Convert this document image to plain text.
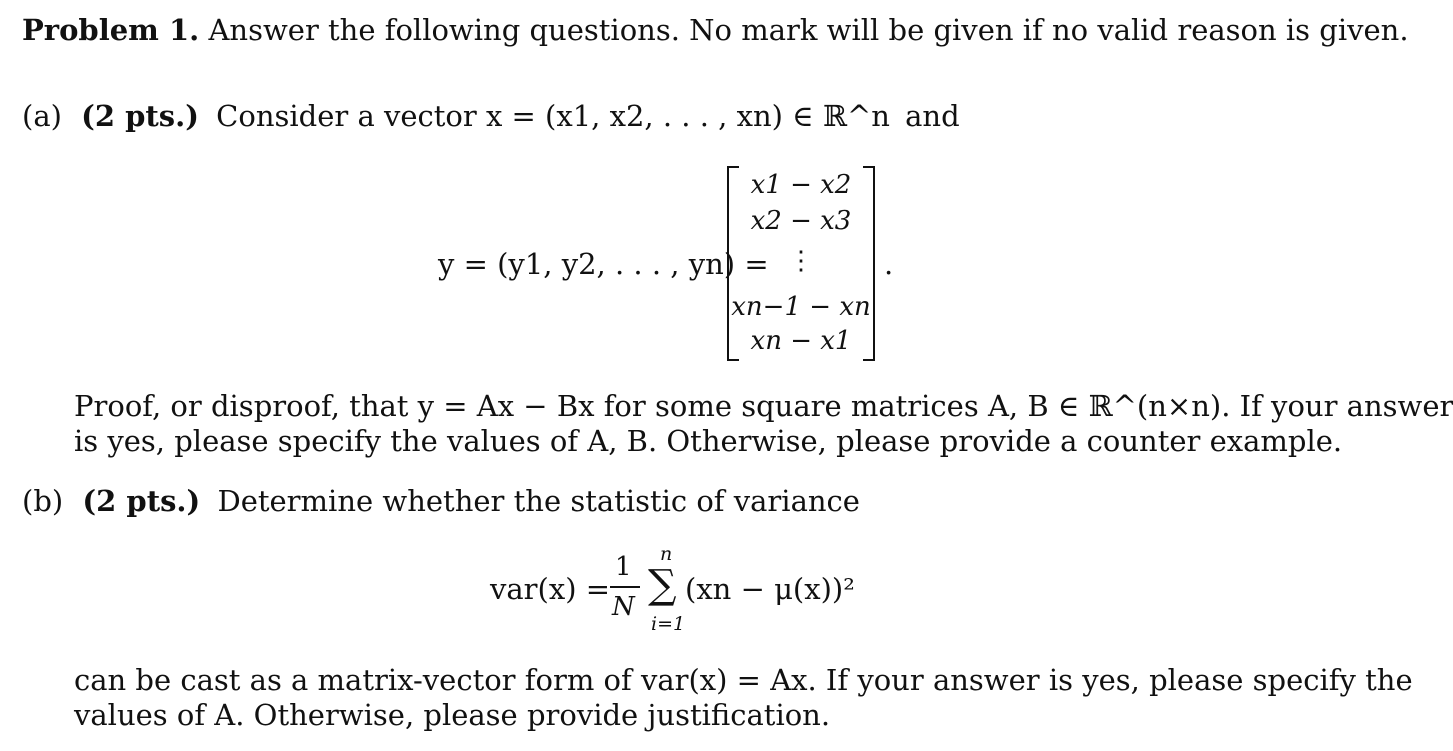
Problem 1. Answer the following questions. No mark will be given if no valid reason is given.
(a) (2 pts.) Consider a vector x = (x1, x2, . . . , xn) ∈ ℝ^n and
y = (y1, y2, . . . , yn) =
x1 − x2
x2 − x3
⋮
xn−1 − xn
xn − x1
.
Proof, or disproof, that y = Ax − Bx for some square matrices A, B ∈ ℝ^(n×n). If your answer
is yes, please specify the values of A, B. Otherwise, please provide a counter example.
(b) (2 pts.) Determine whether the statistic of variance
var(x) =
1
N
n
∑
i=1
(xn − μ(x))²
can be cast as a matrix-vector form of var(x) = Ax. If your answer is yes, please specify the
values of A. Otherwise, please provide justification.
